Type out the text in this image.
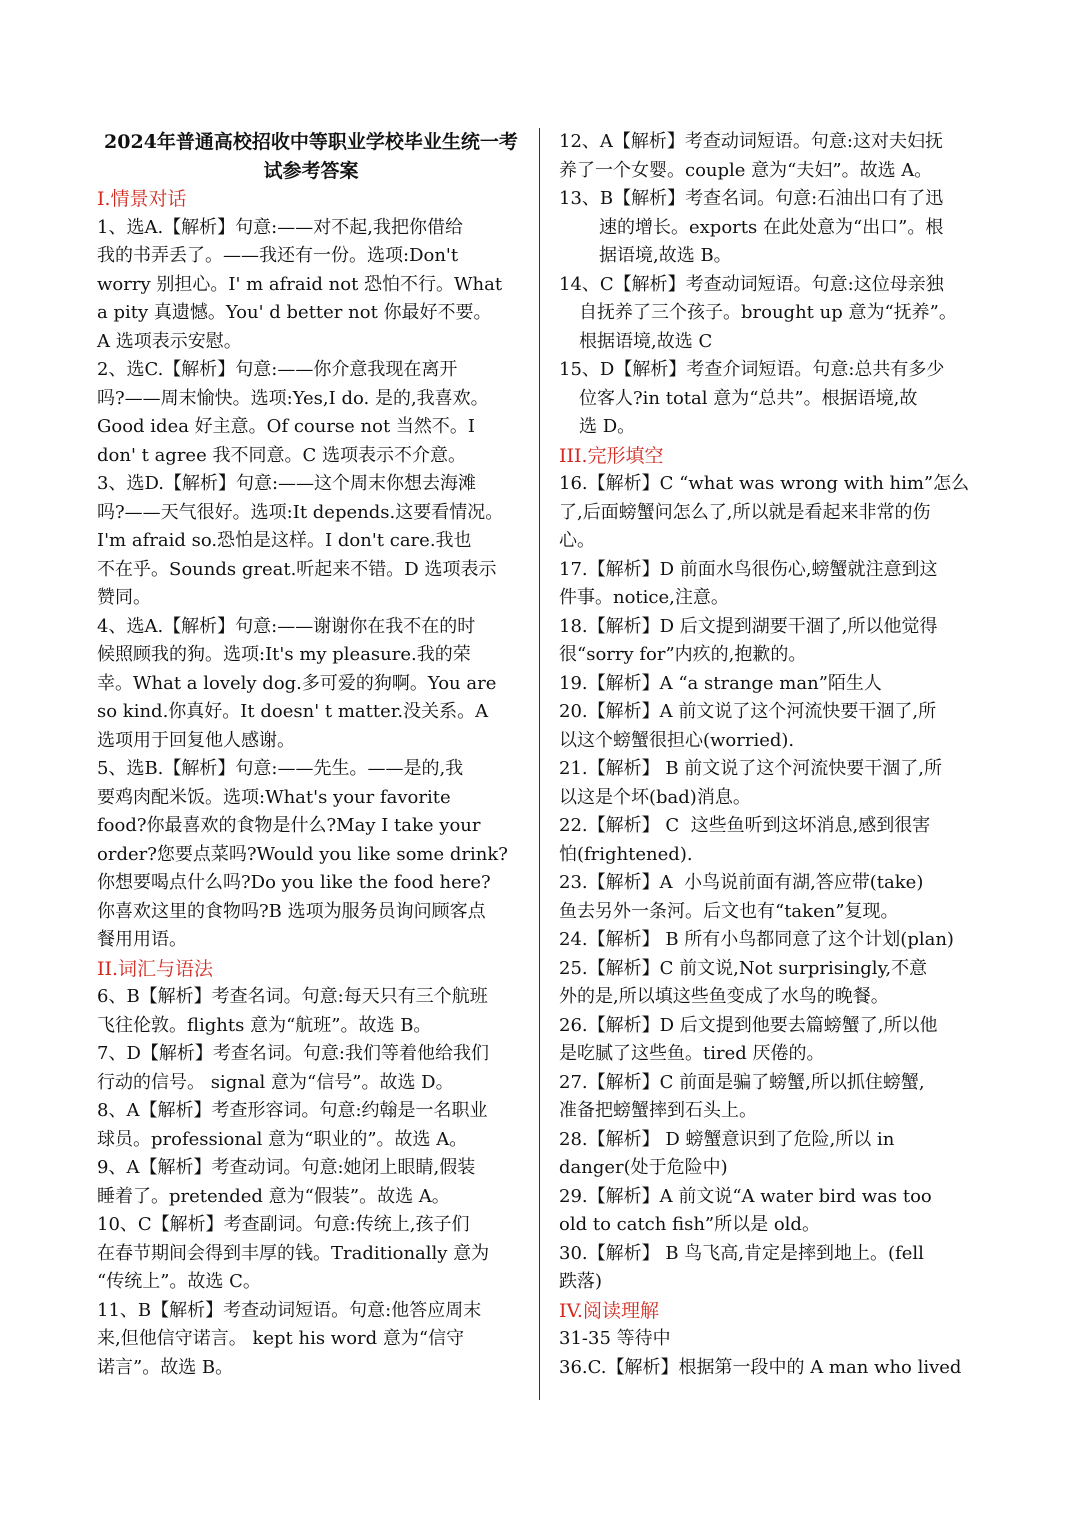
2024年普通高校招收中等职业学校毕业生统一考

试参考答案

I.情景对话

1、选A.【解析】句意:——对不起,我把你借给

我的书弄丢了。——我还有一份。选项:Don't

worry 别担心。I' m afraid not 恐怕不行。What

a pity 真遗憾。You' d better not 你最好不要。

A 选项表示安慰。

2、选C.【解析】句意:——你介意我现在离开

吗?——周末愉快。选项:Yes,I do. 是的,我喜欢。

Good idea 好主意。Of course not 当然不。I

don' t agree 我不同意。C 选项表示不介意。

3、选D.【解析】句意:——这个周末你想去海滩

吗?——天气很好。选项:It depends.这要看情况。

I'm afraid so.恐怕是这样。I don't care.我也

不在乎。Sounds great.听起来不错。D 选项表示

赞同。

4、选A.【解析】句意:——谢谢你在我不在的时

候照顾我的狗。选项:It's my pleasure.我的荣

幸。What a lovely dog.多可爱的狗啊。You are

so kind.你真好。It doesn' t matter.没关系。A

选项用于回复他人感谢。

5、选B.【解析】句意:——先生。——是的,我

要鸡肉配米饭。选项:What's your favorite

food?你最喜欢的食物是什么?May I take your

order?您要点菜吗?Would you like some drink?

你想要喝点什么吗?Do you like the food here?

你喜欢这里的食物吗?B 选项为服务员询问顾客点

餐用用语。

II.词汇与语法

6、B【解析】考查名词。句意:每天只有三个航班

飞往伦敦。flights 意为“航班”。故选 B。

7、D【解析】考查名词。句意:我们等着他给我们

行动的信号。 signal 意为“信号”。故选 D。

8、A【解析】考查形容词。句意:约翰是一名职业

球员。professional 意为“职业的”。故选 A。

9、A【解析】考查动词。句意:她闭上眼睛,假装

睡着了。pretended 意为“假装”。故选 A。

10、C【解析】考查副词。句意:传统上,孩子们

在春节期间会得到丰厚的钱。Traditionally 意为

“传统上”。故选 C。

11、B【解析】考查动词短语。句意:他答应周末

来,但他信守诺言。 kept his word 意为“信守

诺言”。故选 B。

12、A【解析】考查动词短语。句意:这对夫妇抚

养了一个女婴。couple 意为“夫妇”。故选 A。

13、B【解析】考查名词。句意:石油出口有了迅

速的增长。exports 在此处意为“出口”。根

据语境,故选 B。

14、C【解析】考查动词短语。句意:这位母亲独

自抚养了三个孩子。brought up 意为“抚养”。

根据语境,故选 C

15、D【解析】考查介词短语。句意:总共有多少

位客人?in total 意为“总共”。根据语境,故

选 D。

III.完形填空

16.【解析】C “what was wrong with him”怎么

了,后面螃蟹问怎么了,所以就是看起来非常的伤

心。

17.【解析】D 前面水鸟很伤心,螃蟹就注意到这

件事。notice,注意。

18.【解析】D 后文提到湖要干涸了,所以他觉得

很“sorry for”内疚的,抱歉的。

19.【解析】A “a strange man”陌生人

20.【解析】A 前文说了这个河流快要干涸了,所

以这个螃蟹很担心(worried).

21.【解析】 B 前文说了这个河流快要干涸了,所

以这是个坏(bad)消息。

22.【解析】 C  这些鱼听到这坏消息,感到很害

怕(frightened).

23.【解析】A  小鸟说前面有湖,答应带(take)

鱼去另外一条河。后文也有“taken”复现。

24.【解析】 B 所有小鸟都同意了这个计划(plan)

25.【解析】C 前文说,Not surprisingly,不意

外的是,所以填这些鱼变成了水鸟的晚餐。

26.【解析】D 后文提到他要去篇螃蟹了,所以他

是吃腻了这些鱼。tired 厌倦的。

27.【解析】C 前面是骗了螃蟹,所以抓住螃蟹,

准备把螃蟹摔到石头上。

28.【解析】 D 螃蟹意识到了危险,所以 in

danger(处于危险中)

29.【解析】A 前文说“A water bird was too

old to catch fish”所以是 old。

30.【解析】 B 鸟飞高,肯定是摔到地上。(fell

跌落)

IV.阅读理解

31-35 等待中

36.C.【解析】根据第一段中的 A man who lived
